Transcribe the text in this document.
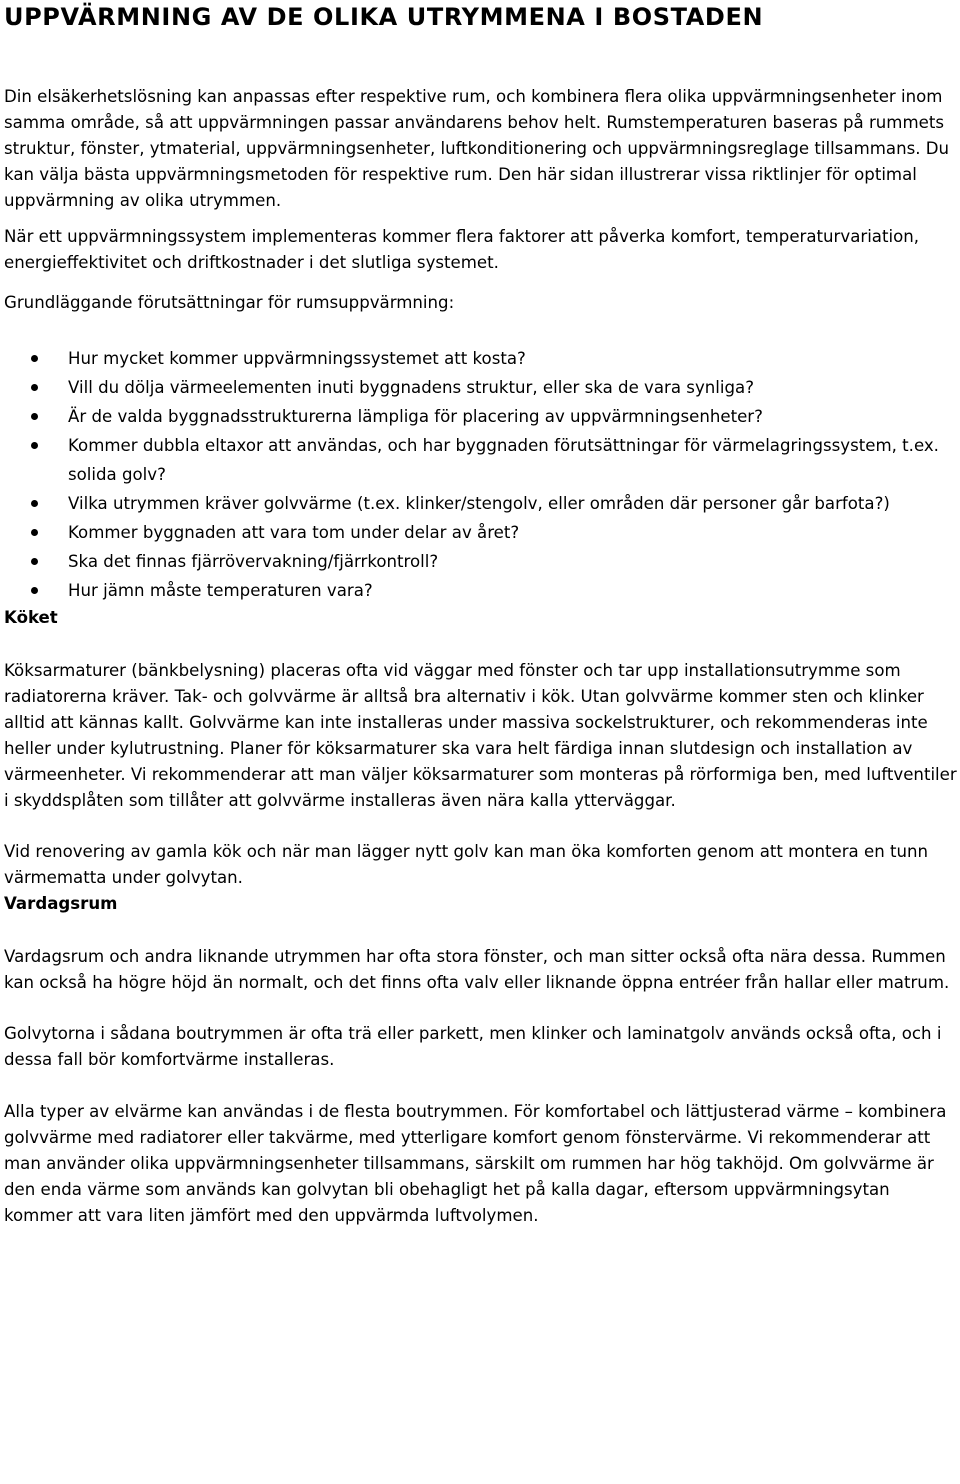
UPPVÄRMNING AV DE OLIKA UTRYMMENA I BOSTADEN

Din elsäkerhetslösning kan anpassas efter respektive rum, och kombinera flera olika uppvärmningsenheter inom samma område, så att uppvärmningen passar användarens behov helt. Rumstemperaturen baseras på rummets struktur, fönster, ytmaterial, uppvärmningsenheter, luftkonditionering och uppvärmningsreglage tillsammans. Du kan välja bästa uppvärmningsmetoden för respektive rum. Den här sidan illustrerar vissa riktlinjer för optimal uppvärmning av olika utrymmen.

När ett uppvärmningssystem implementeras kommer flera faktorer att påverka komfort, temperaturvariation, energieffektivitet och driftkostnader i det slutliga systemet.

Grundläggande förutsättningar för rumsuppvärmning:

Hur mycket kommer uppvärmningssystemet att kosta?
Vill du dölja värmeelementen inuti byggnadens struktur, eller ska de vara synliga?
Är de valda byggnadsstrukturerna lämpliga för placering av uppvärmningsenheter?
Kommer dubbla eltaxor att användas, och har byggnaden förutsättningar för värmelagringssystem, t.ex. solida golv?
Vilka utrymmen kräver golvvärme (t.ex. klinker/stengolv, eller områden där personer går barfota?)
Kommer byggnaden att vara tom under delar av året?
Ska det finnas fjärrövervakning/fjärrkontroll?
Hur jämn måste temperaturen vara?
Köket

Köksarmaturer (bänkbelysning) placeras ofta vid väggar med fönster och tar upp installationsutrymme som radiatorerna kräver. Tak- och golvvärme är alltså bra alternativ i kök. Utan golvvärme kommer sten och klinker alltid att kännas kallt. Golvvärme kan inte installeras under massiva sockelstrukturer, och rekommenderas inte heller under kylutrustning. Planer för köksarmaturer ska vara helt färdiga innan slutdesign och installation av värmeenheter. Vi rekommenderar att man väljer köksarmaturer som monteras på rörformiga ben, med luftventiler i skyddsplåten som tillåter att golvvärme installeras även nära kalla ytterväggar.

Vid renovering av gamla kök och när man lägger nytt golv kan man öka komforten genom att montera en tunn värmematta under golvytan.

Vardagsrum

Vardagsrum och andra liknande utrymmen har ofta stora fönster, och man sitter också ofta nära dessa. Rummen kan också ha högre höjd än normalt, och det finns ofta valv eller liknande öppna entréer från hallar eller matrum.

Golvytorna i sådana boutrymmen är ofta trä eller parkett, men klinker och laminatgolv används också ofta, och i dessa fall bör komfortvärme installeras.

Alla typer av elvärme kan användas i de flesta boutrymmen. För komfortabel och lättjusterad värme – kombinera golvvärme med radiatorer eller takvärme, med ytterligare komfort genom fönstervärme. Vi rekommenderar att man använder olika uppvärmningsenheter tillsammans, särskilt om rummen har hög takhöjd. Om golvvärme är den enda värme som används kan golvytan bli obehagligt het på kalla dagar, eftersom uppvärmningsytan kommer att vara liten jämfört med den uppvärmda luftvolymen.
